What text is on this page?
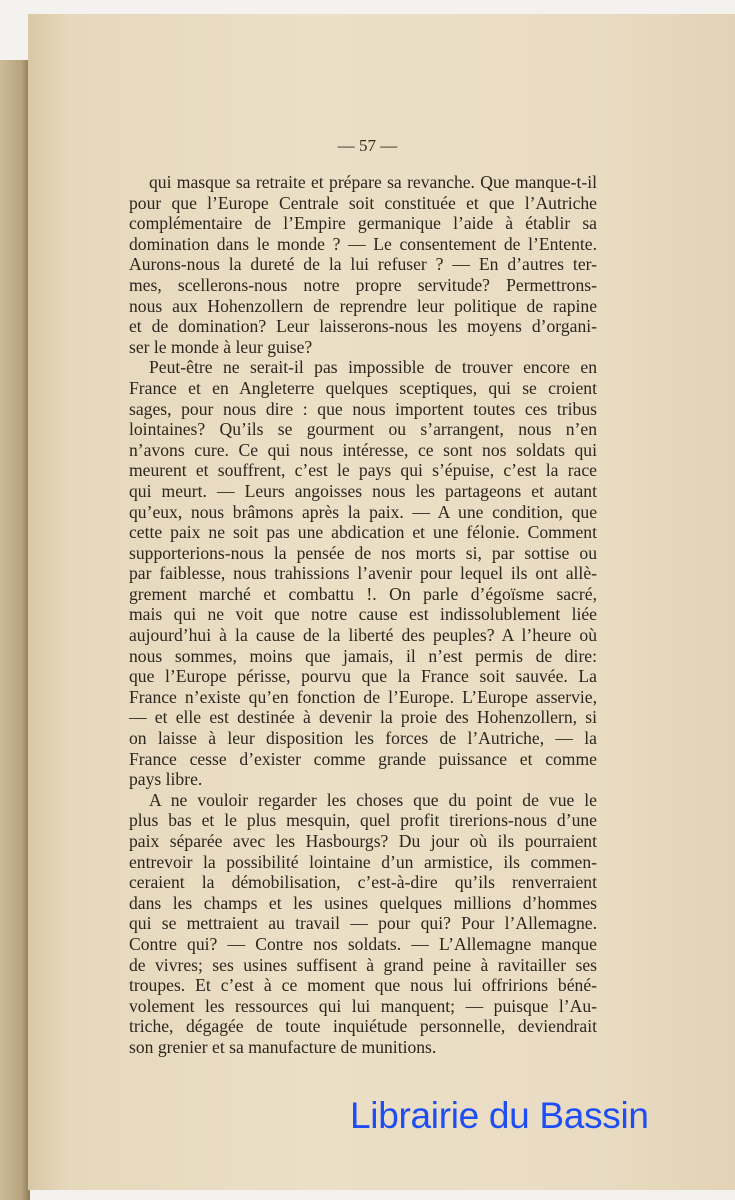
— 57 —
qui masque sa retraite et prépare sa revanche. Que manque-t-il
pour que l’Europe Centrale soit constituée et que l’Autriche
complémentaire de l’Empire germanique l’aide à établir sa
domination dans le monde ? — Le consentement de l’Entente.
Aurons-nous la dureté de la lui refuser ? — En d’autres ter-
mes, scellerons-nous notre propre servitude? Permettrons-
nous aux Hohenzollern de reprendre leur politique de rapine
et de domination? Leur laisserons-nous les moyens d’organi-
ser le monde à leur guise?
Peut-être ne serait-il pas impossible de trouver encore en
France et en Angleterre quelques sceptiques, qui se croient
sages, pour nous dire : que nous importent toutes ces tribus
lointaines? Qu’ils se gourment ou s’arrangent, nous n’en
n’avons cure. Ce qui nous intéresse, ce sont nos soldats qui
meurent et souffrent, c’est le pays qui s’épuise, c’est la race
qui meurt. — Leurs angoisses nous les partageons et autant
qu’eux, nous brâmons après la paix. — A une condition, que
cette paix ne soit pas une abdication et une félonie. Comment
supporterions-nous la pensée de nos morts si, par sottise ou
par faiblesse, nous trahissions l’avenir pour lequel ils ont allè-
grement marché et combattu !. On parle d’égoïsme sacré,
mais qui ne voit que notre cause est indissolublement liée
aujourd’hui à la cause de la liberté des peuples? A l’heure où
nous sommes, moins que jamais, il n’est permis de dire:
que l’Europe périsse, pourvu que la France soit sauvée. La
France n’existe qu’en fonction de l’Europe. L’Europe asservie,
— et elle est destinée à devenir la proie des Hohenzollern, si
on laisse à leur disposition les forces de l’Autriche, — la
France cesse d’exister comme grande puissance et comme
pays libre.
A ne vouloir regarder les choses que du point de vue le
plus bas et le plus mesquin, quel profit tirerions-nous d’une
paix séparée avec les Hasbourgs? Du jour où ils pourraient
entrevoir la possibilité lointaine d’un armistice, ils commen-
ceraient la démobilisation, c’est-à-dire qu’ils renverraient
dans les champs et les usines quelques millions d’hommes
qui se mettraient au travail — pour qui? Pour l’Allemagne.
Contre qui? — Contre nos soldats. — L’Allemagne manque
de vivres; ses usines suffisent à grand peine à ravitailler ses
troupes. Et c’est à ce moment que nous lui offririons béné-
volement les ressources qui lui manquent; — puisque l’Au-
triche, dégagée de toute inquiétude personnelle, deviendrait
son grenier et sa manufacture de munitions.
Librairie du Bassin
